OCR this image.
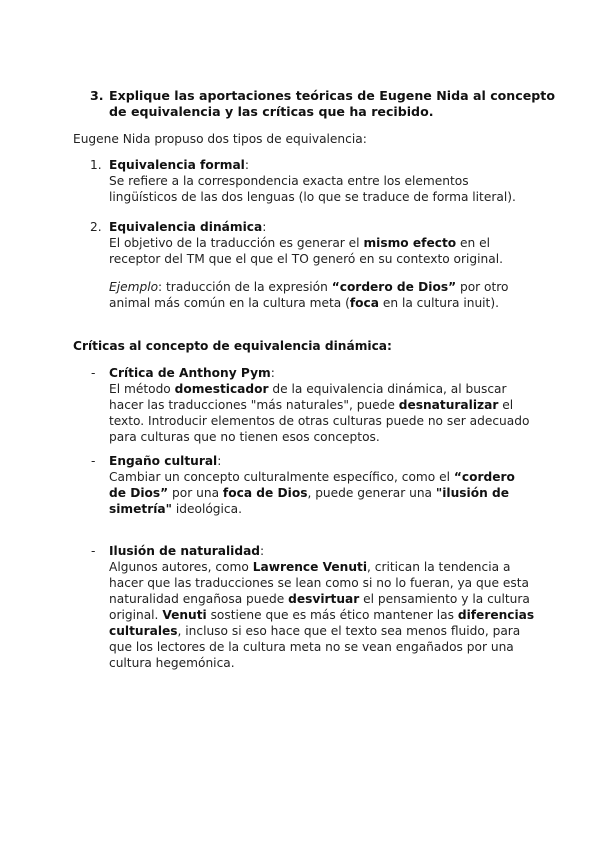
3. Explique las aportaciones teóricas de Eugene Nida al concepto
de equivalencia y las críticas que ha recibido.
Eugene Nida propuso dos tipos de equivalencia:
1. Equivalencia formal:
Se refiere a la correspondencia exacta entre los elementos
lingüísticos de las dos lenguas (lo que se traduce de forma literal).
2. Equivalencia dinámica:
El objetivo de la traducción es generar el mismo efecto en el
receptor del TM que el que el TO generó en su contexto original.
Ejemplo: traducción de la expresión “cordero de Dios” por otro
animal más común en la cultura meta (foca en la cultura inuit).
Críticas al concepto de equivalencia dinámica:
- Crítica de Anthony Pym:
El método domesticador de la equivalencia dinámica, al buscar
hacer las traducciones "más naturales", puede desnaturalizar el
texto. Introducir elementos de otras culturas puede no ser adecuado
para culturas que no tienen esos conceptos.
- Engaño cultural:
Cambiar un concepto culturalmente específico, como el “cordero
de Dios” por una foca de Dios, puede generar una "ilusión de
simetría" ideológica.
- Ilusión de naturalidad:
Algunos autores, como Lawrence Venuti, critican la tendencia a
hacer que las traducciones se lean como si no lo fueran, ya que esta
naturalidad engañosa puede desvirtuar el pensamiento y la cultura
original. Venuti sostiene que es más ético mantener las diferencias
culturales, incluso si eso hace que el texto sea menos fluido, para
que los lectores de la cultura meta no se vean engañados por una
cultura hegemónica.
